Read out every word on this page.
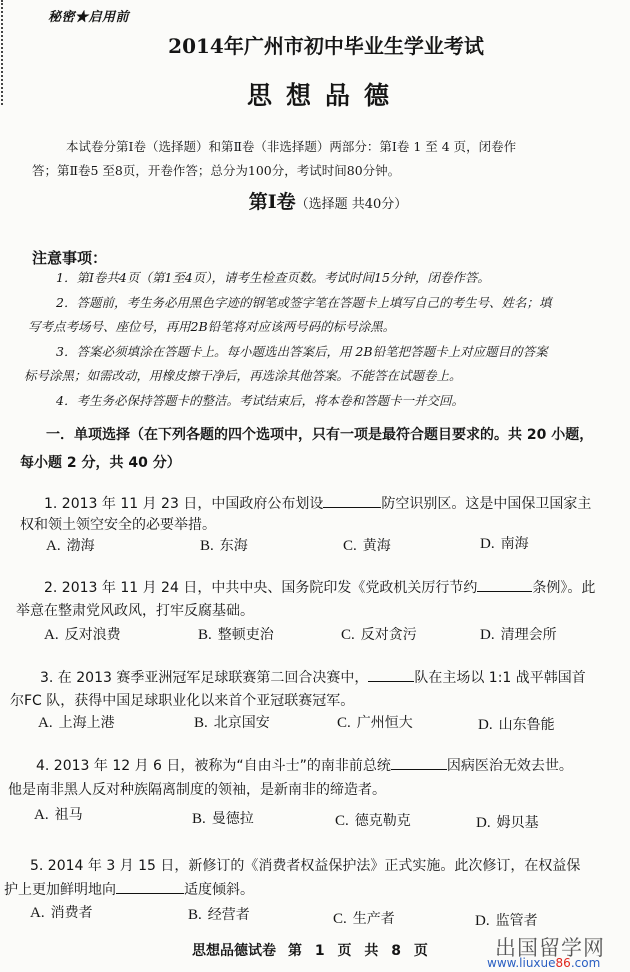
秘密★启用前
2014年广州市初中毕业生学业考试
思想品德
本试卷分第Ⅰ卷（选择题）和第Ⅱ卷（非选择题）两部分：第Ⅰ卷 1 至 4 页，闭卷作
答；第Ⅱ卷5 至8页，开卷作答；总分为100分，考试时间80分钟。
第Ⅰ卷（选择题 共40分）
注意事项：
1．第Ⅰ卷共4页（第1至4页），请考生检查页数。考试时间15分钟，闭卷作答。
2．答题前，考生务必用黑色字迹的钢笔或签字笔在答题卡上填写自己的考生号、姓名；填
写考点考场号、座位号，再用2B铅笔将对应该两号码的标号涂黑。
3．答案必须填涂在答题卡上。每小题选出答案后，用 2B铅笔把答题卡上对应题目的答案
标号涂黑；如需改动，用橡皮擦干净后，再选涂其他答案。不能答在试题卷上。
4．考生务必保持答题卡的整洁。考试结束后，将本卷和答题卡一并交回。
一．单项选择（在下列各题的四个选项中，只有一项是最符合题目要求的。共 20 小题，
每小题 2 分，共 40 分）
1. 2013 年 11 月 23 日，中国政府公布划设	防空识别区。这是中国保卫国家主
权和领土领空安全的必要举措。
A. 渤海	B. 东海	C. 黄海	D. 南海
2. 2013 年 11 月 24 日，中共中央、国务院印发《党政机关厉行节约	条例》。此
举意在整肃党风政风，打牢反腐基础。
A. 反对浪费	B. 整顿吏治	C. 反对贪污	D. 清理会所
3. 在 2013 赛季亚洲冠军足球联赛第二回合决赛中，	队在主场以 1:1 战平韩国首
尔FC 队，获得中国足球职业化以来首个亚冠联赛冠军。
A. 上海上港	B. 北京国安	C. 广州恒大	D. 山东鲁能
4. 2013 年 12 月 6 日，被称为“自由斗士”的南非前总统	因病医治无效去世。
他是南非黑人反对种族隔离制度的领袖，是新南非的缔造者。
A. 祖马	B. 曼德拉	C. 德克勒克	D. 姆贝基
5. 2014 年 3 月 15 日，新修订的《消费者权益保护法》正式实施。此次修订，在权益保
护上更加鲜明地向	适度倾斜。
A. 消费者	B. 经营者	C. 生产者	D. 监管者
思想品德试卷 第 1 页 共 8 页	出国留学网
www.liuxue86.com
